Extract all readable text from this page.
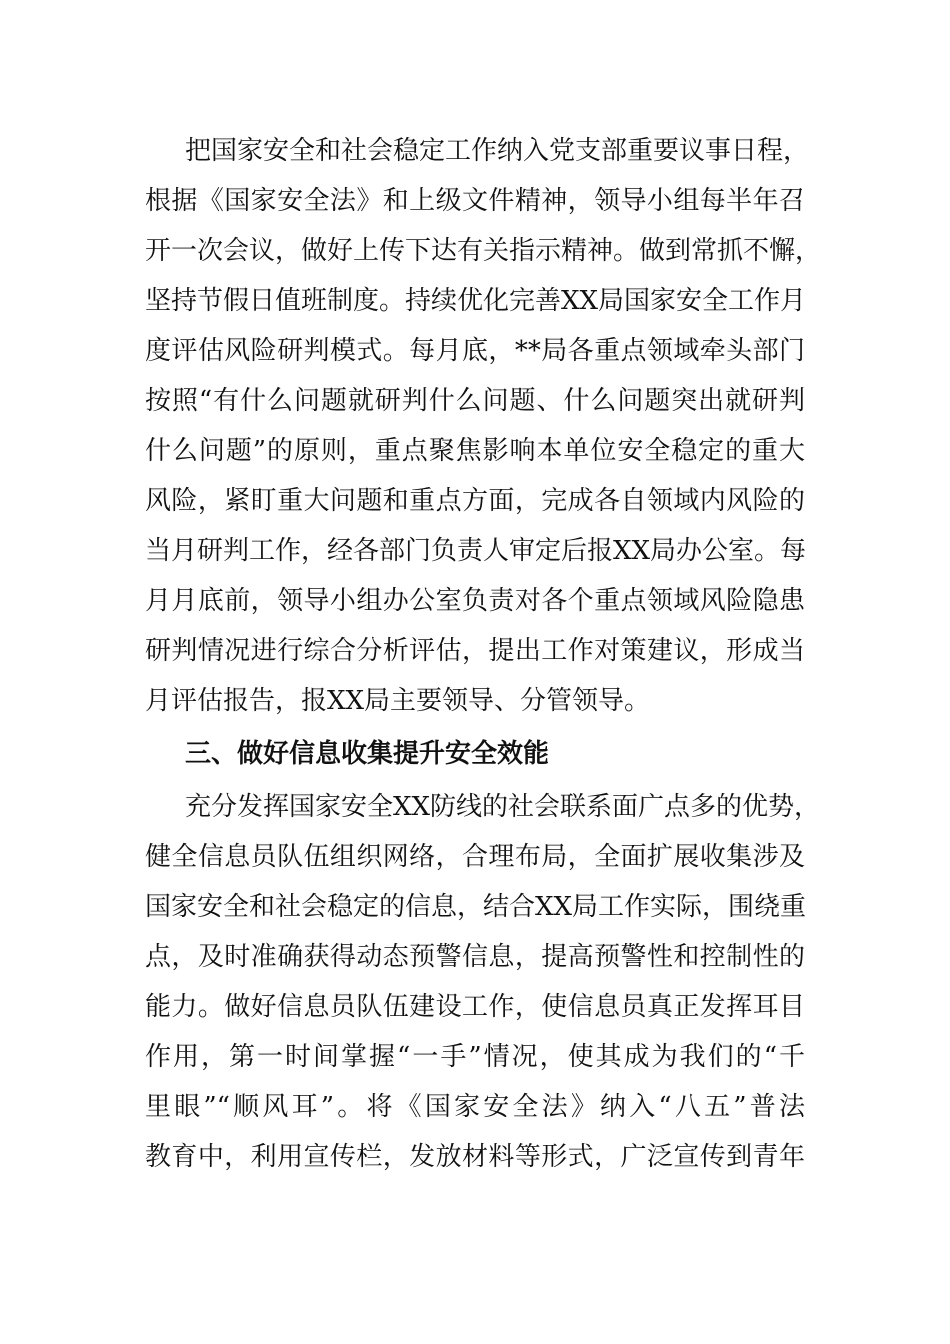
把国家安全和社会稳定工作纳入党支部重要议事日程，
根据《国家安全法》和上级文件精神，领导小组每半年召
开一次会议，做好上传下达有关指示精神。做到常抓不懈，
坚持节假日值班制度。持续优化完善XX局国家安全工作月
度评估风险研判模式。每月底，**局各重点领域牵头部门
按照“有什么问题就研判什么问题、什么问题突出就研判
什么问题”的原则，重点聚焦影响本单位安全稳定的重大
风险，紧盯重大问题和重点方面，完成各自领域内风险的
当月研判工作，经各部门负责人审定后报XX局办公室。每
月月底前，领导小组办公室负责对各个重点领域风险隐患
研判情况进行综合分析评估，提出工作对策建议，形成当
月评估报告，报XX局主要领导、分管领导。
三、做好信息收集提升安全效能
充分发挥国家安全XX防线的社会联系面广点多的优势，
健全信息员队伍组织网络，合理布局，全面扩展收集涉及
国家安全和社会稳定的信息，结合XX局工作实际，围绕重
点，及时准确获得动态预警信息，提高预警性和控制性的
能力。做好信息员队伍建设工作，使信息员真正发挥耳目
作用，第一时间掌握“一手”情况，使其成为我们的“千
里眼”“顺风耳”。将《国家安全法》纳入“八五”普法
教育中，利用宣传栏，发放材料等形式，广泛宣传到青年
